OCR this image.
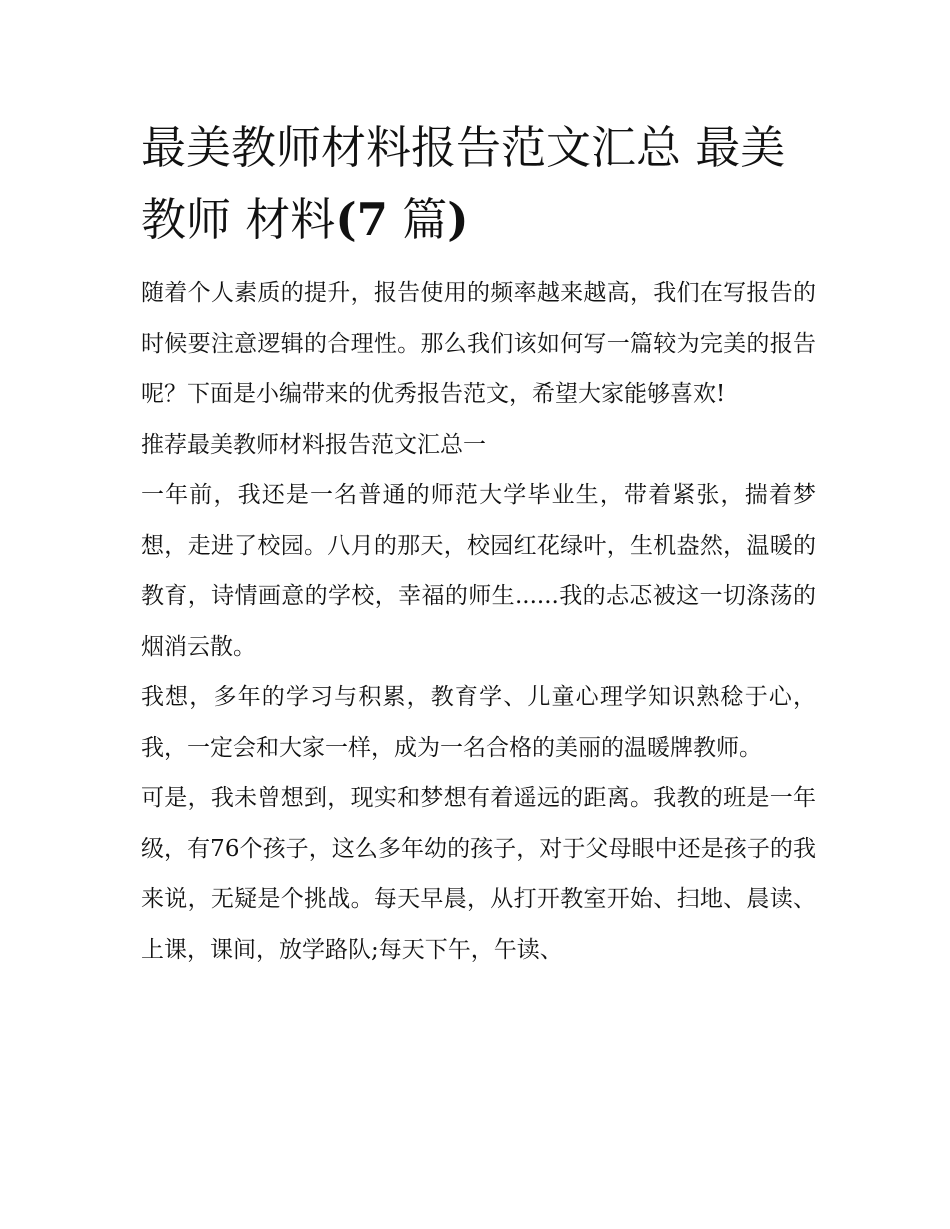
最美教师材料报告范文汇总 最美教师 材料(7 篇)

随着个人素质的提升，报告使用的频率越来越高，我们在写报告的时候要注意逻辑的合理性。那么我们该如何写一篇较为完美的报告呢？下面是小编带来的优秀报告范文，希望大家能够喜欢!

推荐最美教师材料报告范文汇总一

一年前，我还是一名普通的师范大学毕业生，带着紧张，揣着梦想，走进了校园。八月的那天，校园红花绿叶，生机盎然，温暖的教育，诗情画意的学校，幸福的师生......我的忐忑被这一切涤荡的烟消云散。

我想，多年的学习与积累，教育学、儿童心理学知识熟稔于心，我，一定会和大家一样，成为一名合格的美丽的温暖牌教师。

可是，我未曾想到，现实和梦想有着遥远的距离。我教的班是一年级，有76个孩子，这么多年幼的孩子，对于父母眼中还是孩子的我来说，无疑是个挑战。每天早晨，从打开教室开始、扫地、晨读、上课，课间，放学路队;每天下午，午读、
